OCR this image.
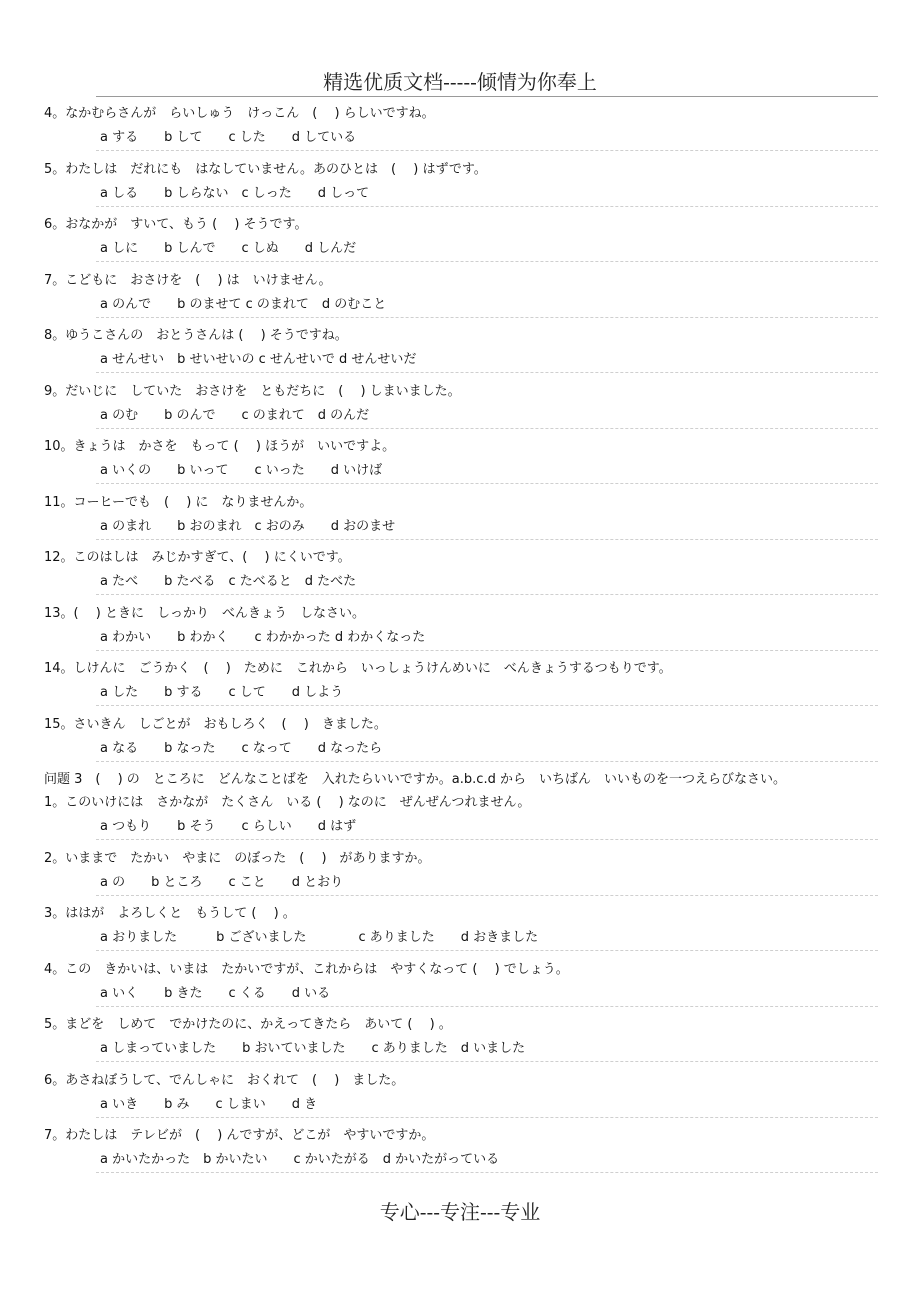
精选优质文档-----倾情为你奉上
4。なかむらさんが　らいしゅう　けっこん　(　 ) らしいですね。
a する　　b して　　c した　　d している
5。わたしは　だれにも　はなしていません。あのひとは　(　 ) はずです。
a しる　　b しらない　c しった　　d しって
6。おなかが　すいて、もう (　 ) そうです。
a しに　　b しんで　　c しぬ　　d しんだ
7。こどもに　おさけを　(　 ) は　いけません。
a のんで　　b のませて c のまれて　d のむこと
8。ゆうこさんの　おとうさんは (　 ) そうですね。
a せんせい　b せいせいの c せんせいで d せんせいだ
9。だいじに　していた　おさけを　ともだちに　(　 ) しまいました。
a のむ　　b のんで　　c のまれて　d のんだ
10。きょうは　かさを　もって (　 ) ほうが　いいですよ。
a いくの　　b いって　　c いった　　d いけば
11。コーヒーでも　(　 ) に　なりませんか。
a のまれ　　b おのまれ　c おのみ　　d おのませ
12。このはしは　みじかすぎて、(　 ) にくいです。
a たべ　　b たべる　c たべると　d たべた
13。(　 ) ときに　しっかり　べんきょう　しなさい。
a わかい　　b わかく　　c わかかった d わかくなった
14。しけんに　ごうかく　(　 )　ために　これから　いっしょうけんめいに　べんきょうするつもりです。
a した　　b する　　c して　　d しよう
15。さいきん　しごとが　おもしろく　(　 )　きました。
a なる　　b なった　　c なって　　d なったら
问题 3　(　 ) の　ところに　どんなことばを　入れたらいいですか。a.b.c.d から　いちばん　いいものを一つえらびなさい。
1。このいけには　さかなが　たくさん　いる (　 ) なのに　ぜんぜんつれません。
a つもり　　b そう　　c らしい　　d はず
2。いままで　たかい　やまに　のぼった　(　 )　がありますか。
a の　　b ところ　　c こと　　d とおり
3。ははが　よろしくと　もうして (　 ) 。
a おりました　　　b ございました　　　　c ありました　　d おきました
4。この　きかいは、いまは　たかいですが、これからは　やすくなって (　 ) でしょう。
a いく　　b きた　　c くる　　d いる
5。まどを　しめて　でかけたのに、かえってきたら　あいて (　 ) 。
a しまっていました　　b おいていました　　c ありました　d いました
6。あさねぼうして、でんしゃに　おくれて　(　 )　ました。
a いき　　b み　　c しまい　　d き
7。わたしは　テレビが　(　 ) んですが、どこが　やすいですか。
a かいたかった　b かいたい　　c かいたがる　d かいたがっている
专心---专注---专业
